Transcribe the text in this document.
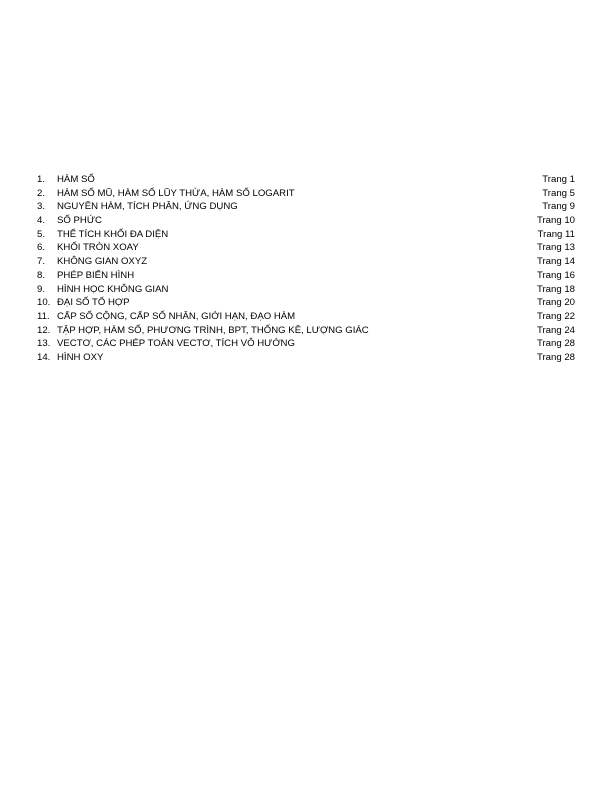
1.	HÀM SỐ	Trang 1
2.	HÀM SỐ MŨ, HÀM SỐ LŨY THỪA, HÀM SỐ LOGARIT	Trang 5
3.	NGUYÊN HÀM, TÍCH PHÂN, ỨNG DỤNG	Trang 9
4.	SỐ PHỨC	Trang 10
5.	THỂ TÍCH KHỐI ĐA DIỆN	Trang 11
6.	KHỐI TRÒN XOAY	Trang 13
7.	KHÔNG GIAN OXYZ	Trang 14
8.	PHÉP BIẾN HÌNH	Trang 16
9.	HÌNH HỌC KHÔNG GIAN	Trang 18
10. ĐẠI SỐ TỔ HỢP	Trang 20
11. CẤP SỐ CỘNG, CẤP SỐ NHÂN, GIỚI HẠN, ĐẠO HÀM	Trang 22
12. TẬP HỢP, HÀM SỐ, PHƯƠNG TRÌNH, BPT, THỐNG KÊ, LƯỢNG GIÁC	Trang 24
13. VECTƠ, CÁC PHÉP TOÁN VECTƠ, TÍCH VÔ HƯỚNG	Trang 28
14. HÌNH OXY	Trang 28
